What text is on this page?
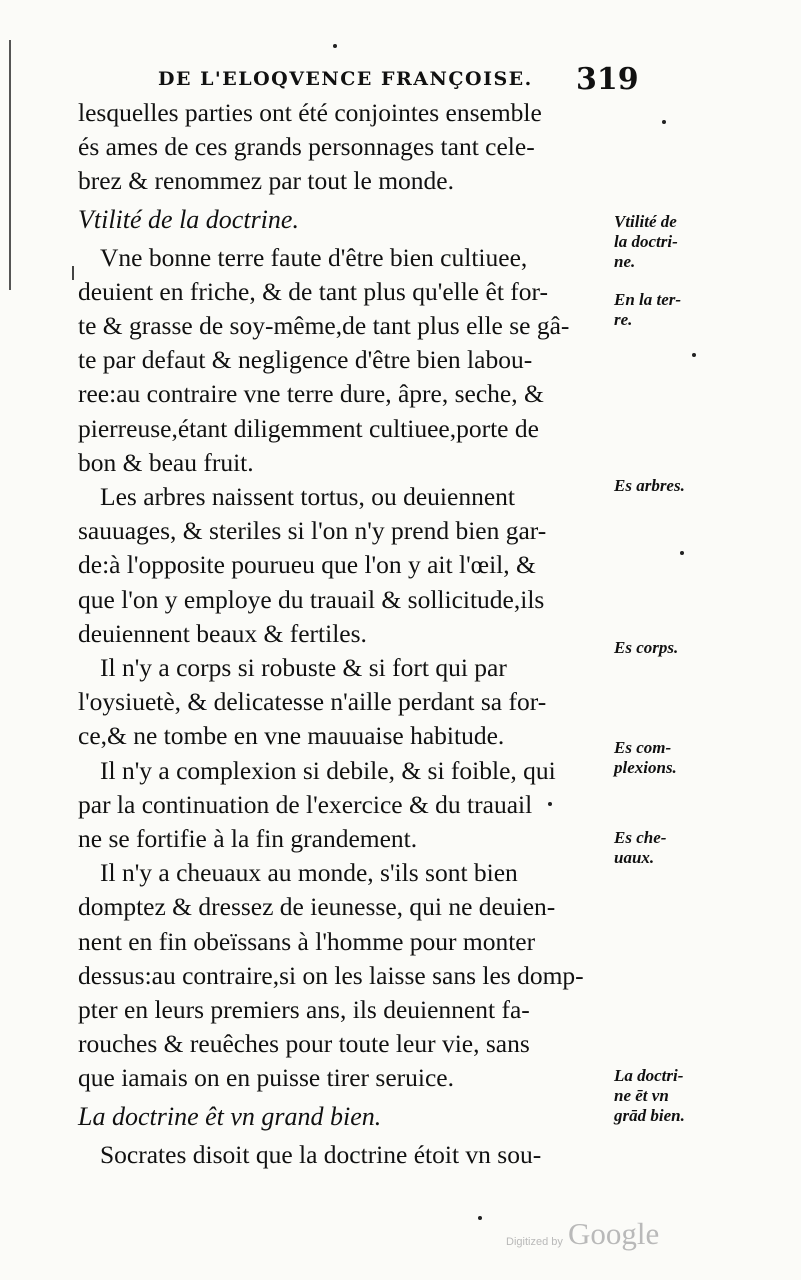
DE L'ELOQVENCE FRANÇOISE. 319

lesquelles parties ont été conjointes ensemble
és ames de ces grands personnages tant cele-
brez & renommez par tout le monde.

Vtilité de la doctrine.

Vne bonne terre faute d'être bien cultiuee,
deuient en friche, & de tant plus qu'elle êt for-
te & grasse de soy-même,de tant plus elle se gâ-
te par defaut & negligence d'être bien labou-
ree:au contraire vne terre dure, âpre, seche, &
pierreuse,étant diligemment cultiuee,porte de
bon & beau fruit.

Les arbres naissent tortus, ou deuiennent
sauuages, & steriles si l'on n'y prend bien gar-
de:à l'opposite pourueu que l'on y ait l'œil, &
que l'on y employe du trauail & sollicitude,ils
deuiennent beaux & fertiles.

Il n'y a corps si robuste & si fort qui par
l'oysiuetè, & delicatesse n'aille perdant sa for-
ce,& ne tombe en vne mauuaise habitude.

Il n'y a complexion si debile, & si foible, qui
par la continuation de l'exercice & du trauail
ne se fortifie à la fin grandement.

Il n'y a cheuaux au monde, s'ils sont bien
domptez & dressez de ieunesse, qui ne deuien-
nent en fin obeïssans à l'homme pour monter
dessus:au contraire,si on les laisse sans les domp-
pter en leurs premiers ans, ils deuiennent fa-
rouches & reuêches pour toute leur vie, sans
que iamais on en puisse tirer seruice.

La doctrine êt vn grand bien.

Socrates disoit que la doctrine étoit vn sou-

Vtilité de
la doctri-
ne.
En la ter-
re.
Es arbres.
Es corps.
Es com-
plexions.
Es che-
uaux.
La doctri-
ne ēt vn
grād bien.
Digitized by Google
